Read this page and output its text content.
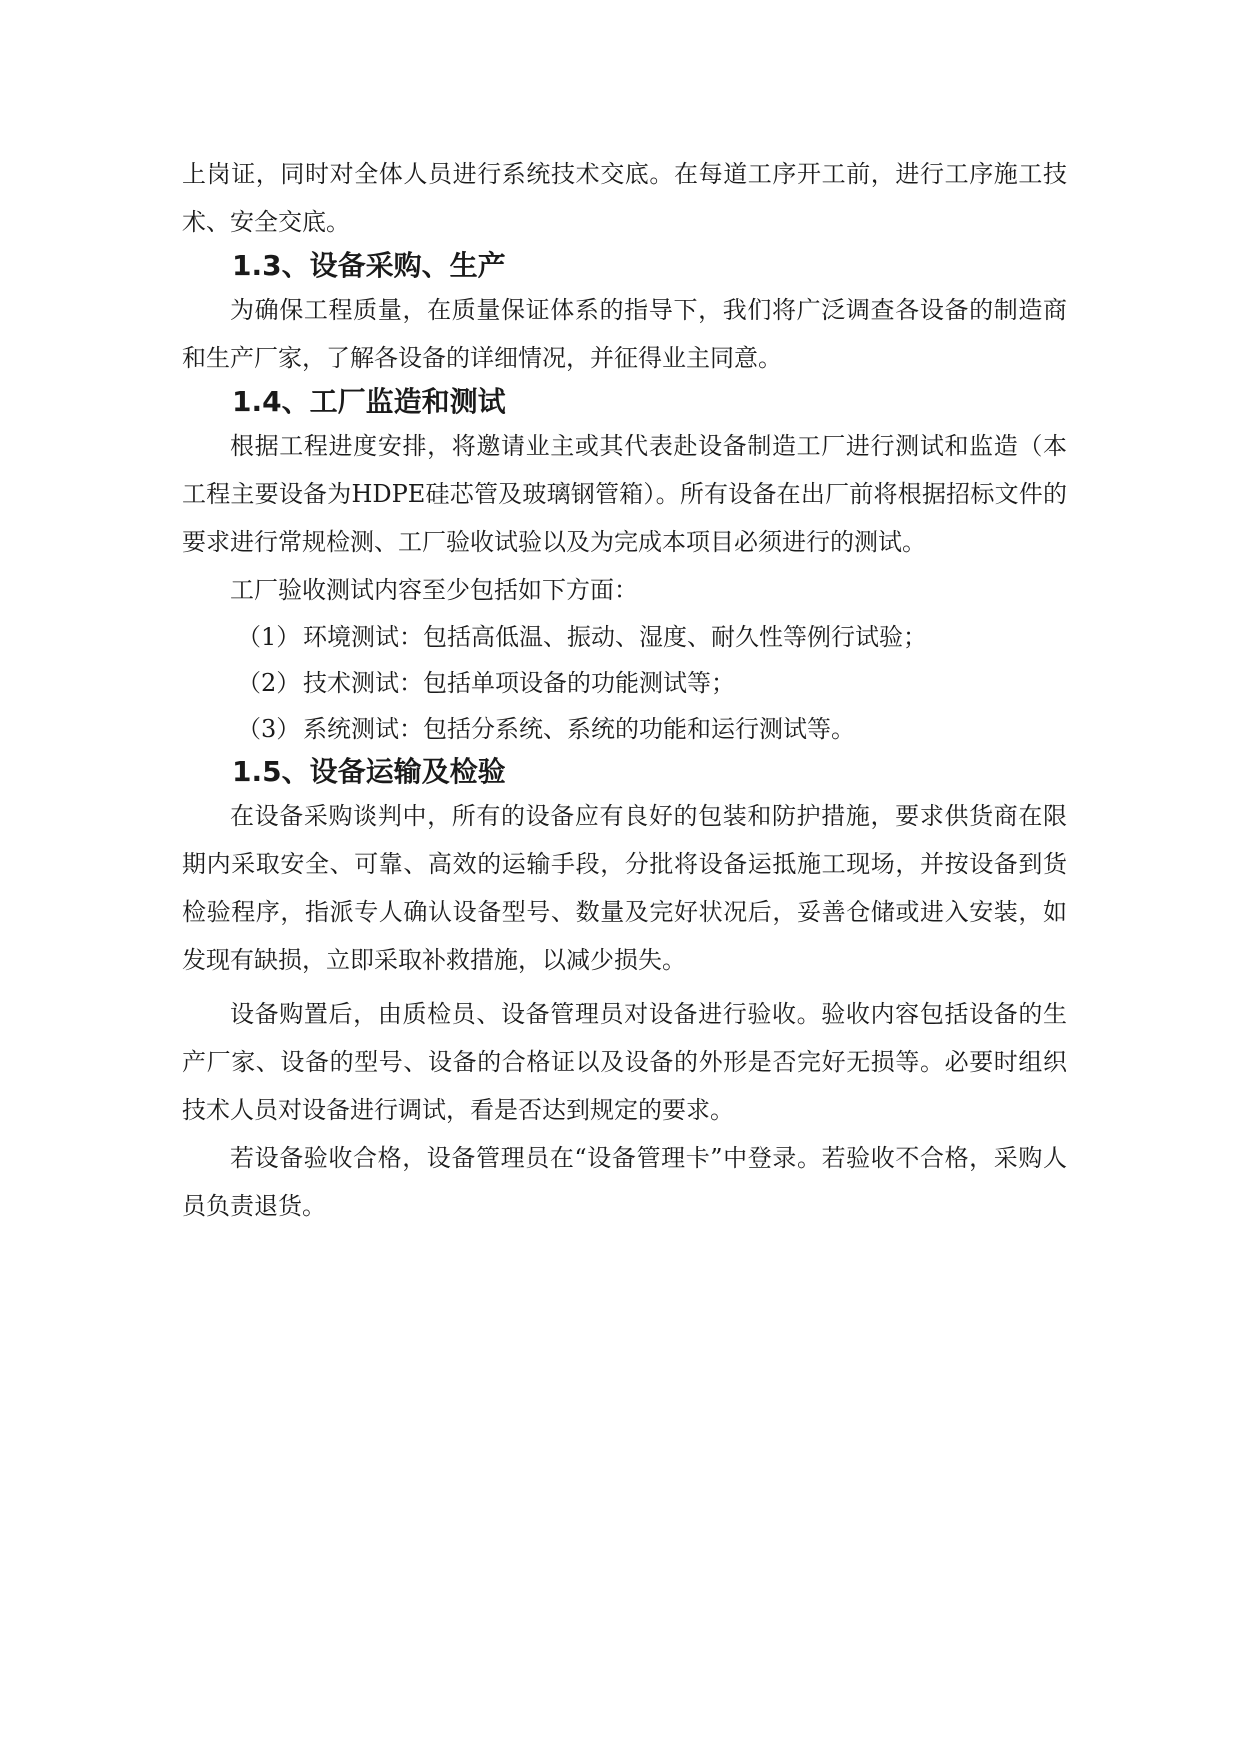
上岗证，同时对全体人员进行系统技术交底。在每道工序开工前，进行工序施工技术、安全交底。

1.3、设备采购、生产

为确保工程质量，在质量保证体系的指导下，我们将广泛调查各设备的制造商和生产厂家，了解各设备的详细情况，并征得业主同意。

1.4、工厂监造和测试

根据工程进度安排，将邀请业主或其代表赴设备制造工厂进行测试和监造（本工程主要设备为HDPE硅芯管及玻璃钢管箱）。所有设备在出厂前将根据招标文件的要求进行常规检测、工厂验收试验以及为完成本项目必须进行的测试。

工厂验收测试内容至少包括如下方面：

（1） 环境测试：包括高低温、振动、湿度、耐久性等例行试验；
（2） 技术测试：包括单项设备的功能测试等；
（3） 系统测试：包括分系统、系统的功能和运行测试等。
1.5、设备运输及检验

在设备采购谈判中，所有的设备应有良好的包装和防护措施，要求供货商在限期内采取安全、可靠、高效的运输手段，分批将设备运抵施工现场，并按设备到货检验程序，指派专人确认设备型号、数量及完好状况后，妥善仓储或进入安装，如发现有缺损，立即采取补救措施，以减少损失。

设备购置后，由质检员、设备管理员对设备进行验收。验收内容包括设备的生产厂家、设备的型号、设备的合格证以及设备的外形是否完好无损等。必要时组织技术人员对设备进行调试，看是否达到规定的要求。

若设备验收合格，设备管理员在“设备管理卡”中登录。若验收不合格，采购人员负责退货。
